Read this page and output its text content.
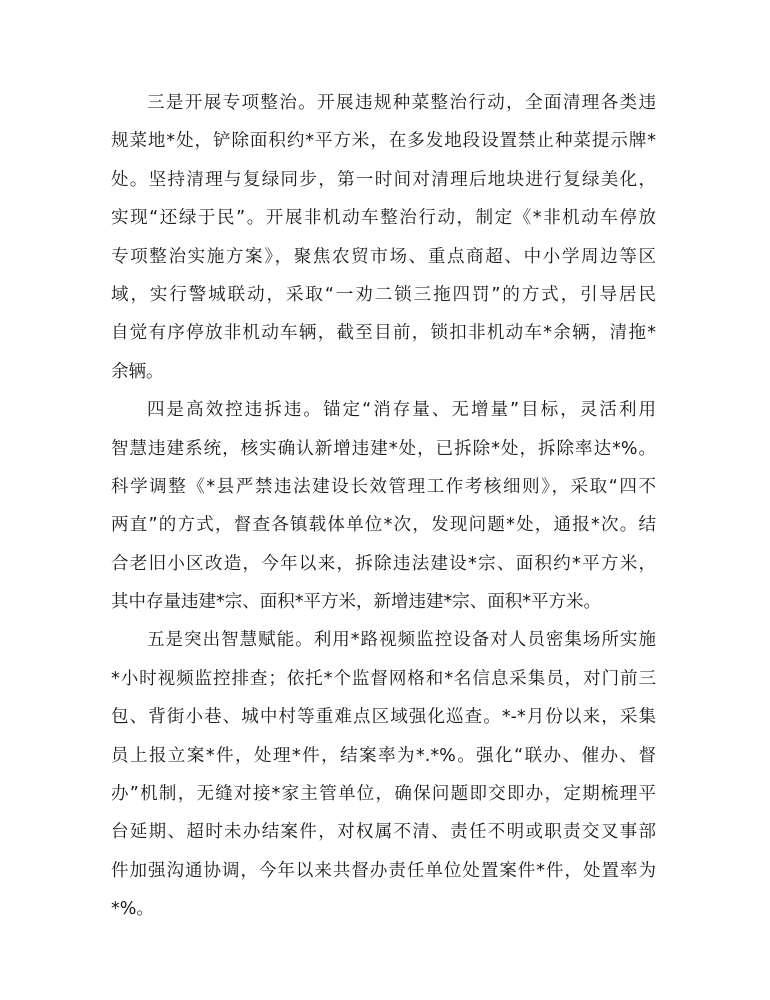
三是开展专项整治。开展违规种菜整治行动，全面清理各类违
规菜地*处，铲除面积约*平方米，在多发地段设置禁止种菜提示牌*
处。坚持清理与复绿同步，第一时间对清理后地块进行复绿美化，
实现“还绿于民”。开展非机动车整治行动，制定《*非机动车停放
专项整治实施方案》，聚焦农贸市场、重点商超、中小学周边等区
域，实行警城联动，采取“一劝二锁三拖四罚”的方式，引导居民
自觉有序停放非机动车辆，截至目前，锁扣非机动车*余辆，清拖*
余辆。
四是高效控违拆违。锚定“消存量、无增量”目标，灵活利用
智慧违建系统，核实确认新增违建*处，已拆除*处，拆除率达*%。
科学调整《*县严禁违法建设长效管理工作考核细则》，采取“四不
两直”的方式，督查各镇载体单位*次，发现问题*处，通报*次。结
合老旧小区改造，今年以来，拆除违法建设*宗、面积约*平方米，
其中存量违建*宗、面积*平方米，新增违建*宗、面积*平方米。
五是突出智慧赋能。利用*路视频监控设备对人员密集场所实施
*小时视频监控排查；依托*个监督网格和*名信息采集员，对门前三
包、背街小巷、城中村等重难点区域强化巡查。*-*月份以来，采集
员上报立案*件，处理*件，结案率为*.*%。强化“联办、催办、督
办”机制，无缝对接*家主管单位，确保问题即交即办，定期梳理平
台延期、超时未办结案件，对权属不清、责任不明或职责交叉事部
件加强沟通协调，今年以来共督办责任单位处置案件*件，处置率为
*%。
